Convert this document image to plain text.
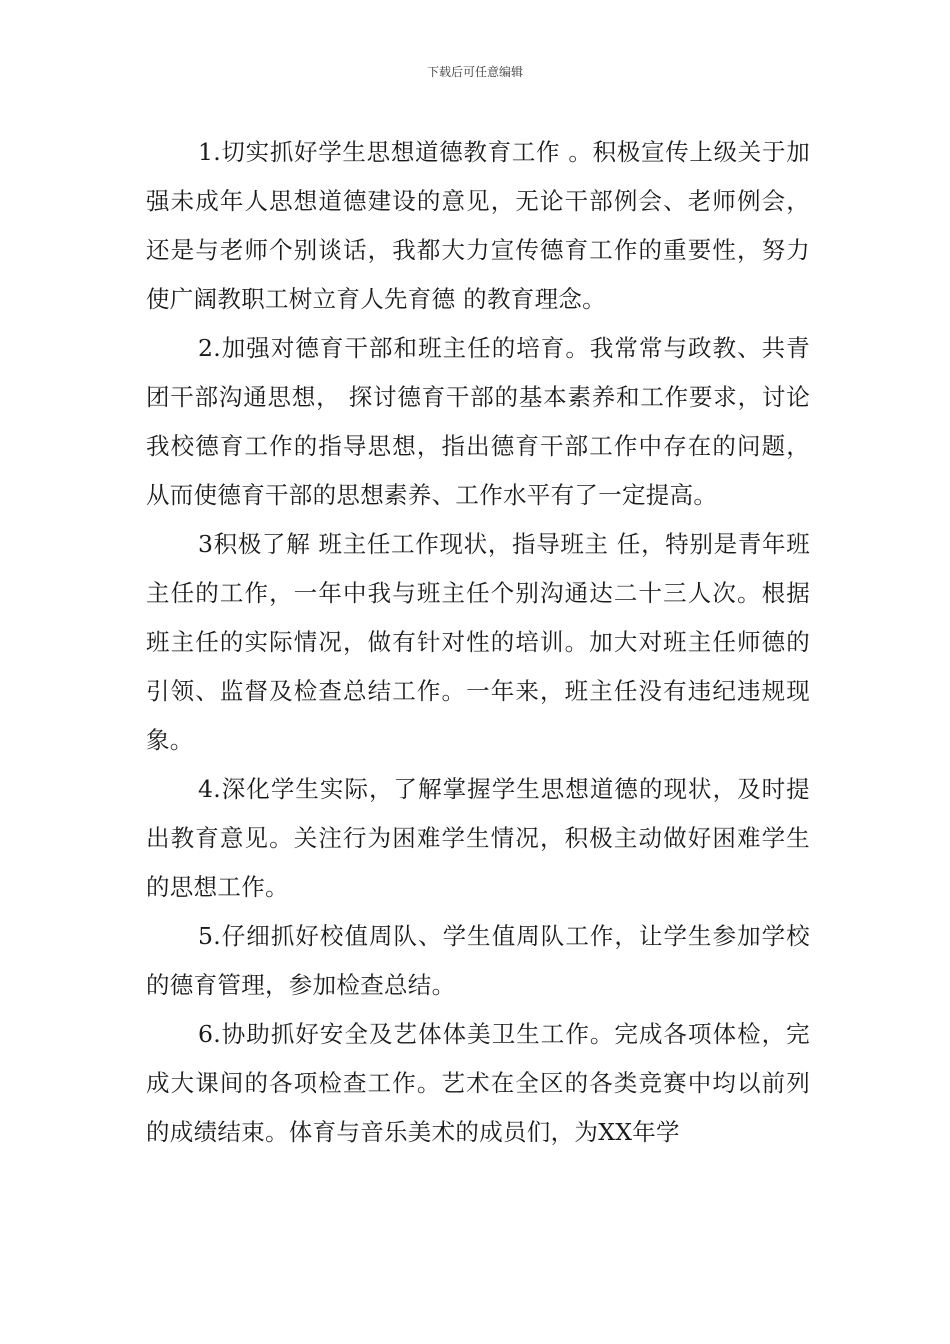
下载后可任意编辑

1.切实抓好学生思想道德教育工作 。积极宣传上级关于加强未成年人思想道德建设的意见，无论干部例会、老师例会，还是与老师个别谈话，我都大力宣传德育工作的重要性，努力使广阔教职工树立育人先育德 的教育理念。

2.加强对德育干部和班主任的培育。我常常与政教、共青团干部沟通思想， 探讨德育干部的基本素养和工作要求，讨论我校德育工作的指导思想，指出德育干部工作中存在的问题，从而使德育干部的思想素养、工作水平有了一定提高。

3积极了解 班主任工作现状，指导班主 任，特别是青年班主任的工作，一年中我与班主任个别沟通达二十三人次。根据班主任的实际情况，做有针对性的培训。加大对班主任师德的引领、监督及检查总结工作。一年来，班主任没有违纪违规现象。

4.深化学生实际，了解掌握学生思想道德的现状，及时提出教育意见。关注行为困难学生情况，积极主动做好困难学生的思想工作。

5.仔细抓好校值周队、学生值周队工作，让学生参加学校的德育管理，参加检查总结。

6.协助抓好安全及艺体体美卫生工作。完成各项体检，完成大课间的各项检查工作。艺术在全区的各类竞赛中均以前列的成绩结束。体育与音乐美术的成员们，为XX年学
